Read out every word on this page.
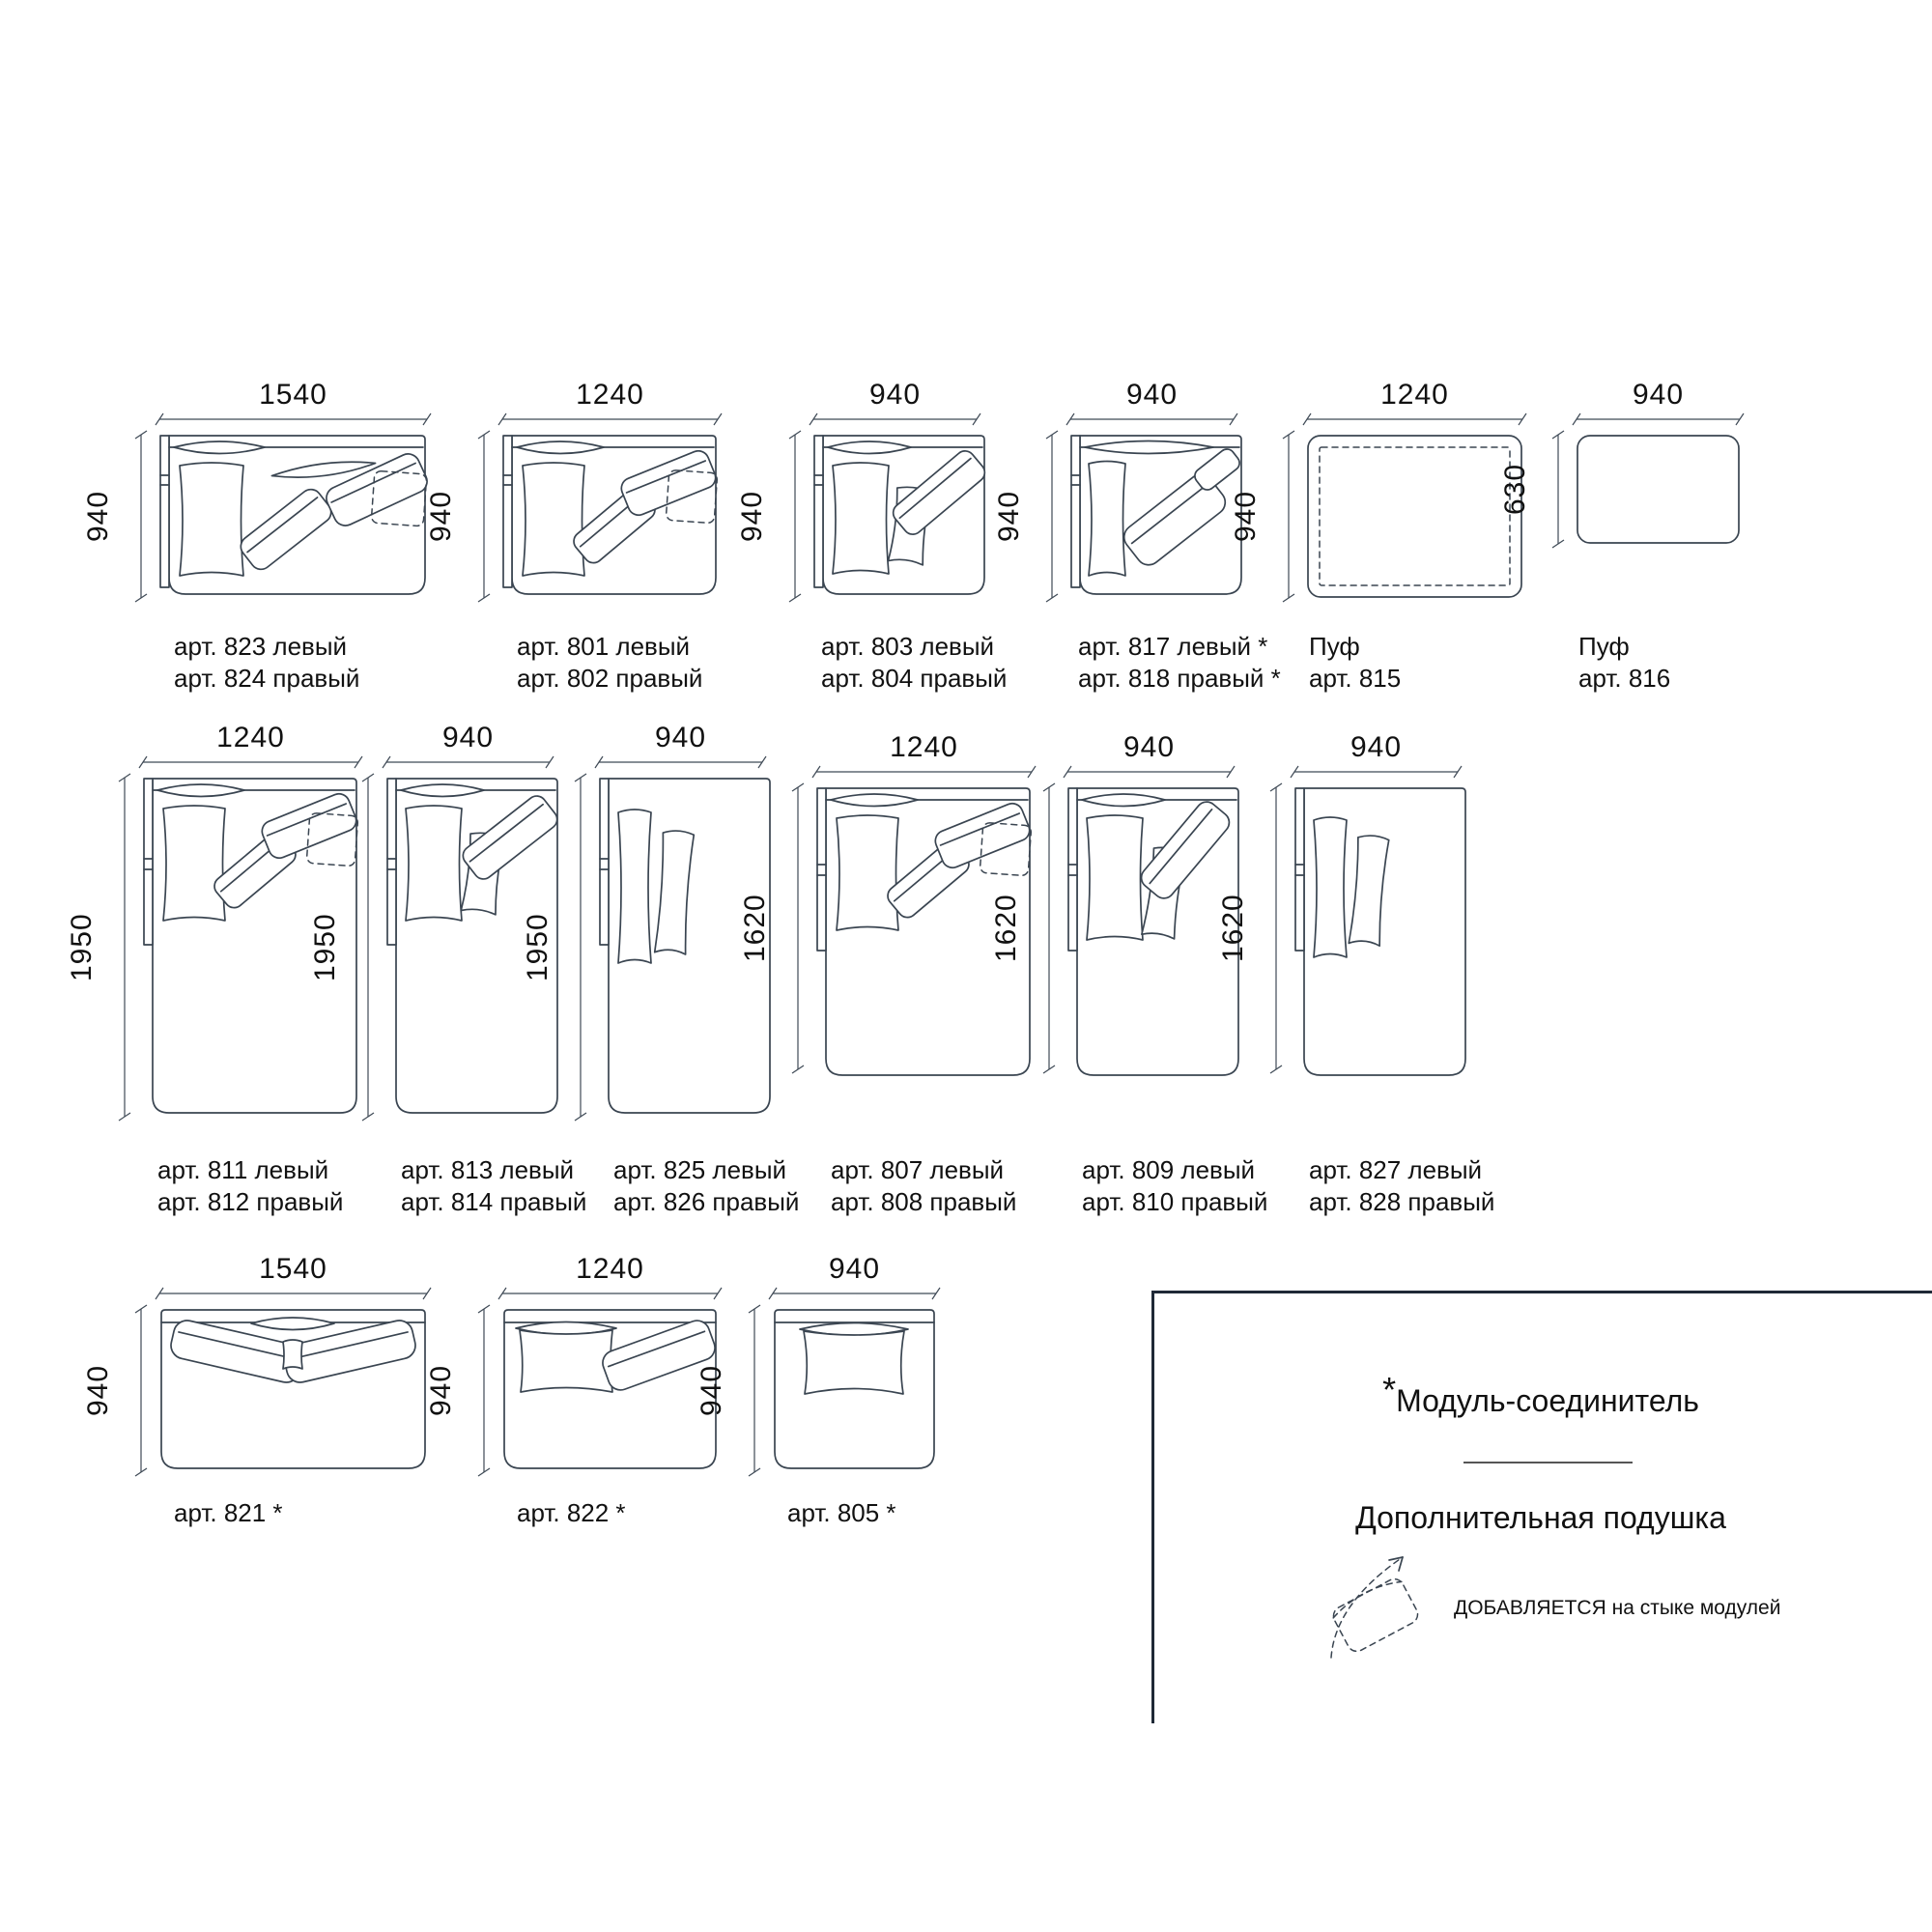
1540
940
арт. 823 левый
арт. 824 правый
1240
940
арт. 801 левый
арт. 802 правый
940
940
арт. 803 левый
арт. 804 правый
940
940
арт. 817 левый *
арт. 818 правый *
1240
940
Пуф
арт. 815
940
630
Пуф
арт. 816
1240
1950
арт. 811 левый
арт. 812 правый
940
1950
арт. 813 левый
арт. 814 правый
940
1950
арт. 825 левый
арт. 826 правый
1240
1620
арт. 807 левый
арт. 808 правый
940
1620
арт. 809 левый
арт. 810 правый
940
1620
арт. 827 левый
арт. 828 правый
1540
940
арт. 821 *
1240
940
арт. 822 *
940
940
арт. 805 *
*Модуль-соединитель
Дополнительная подушка
ДОБАВЛЯЕТСЯ на стыке модулей
